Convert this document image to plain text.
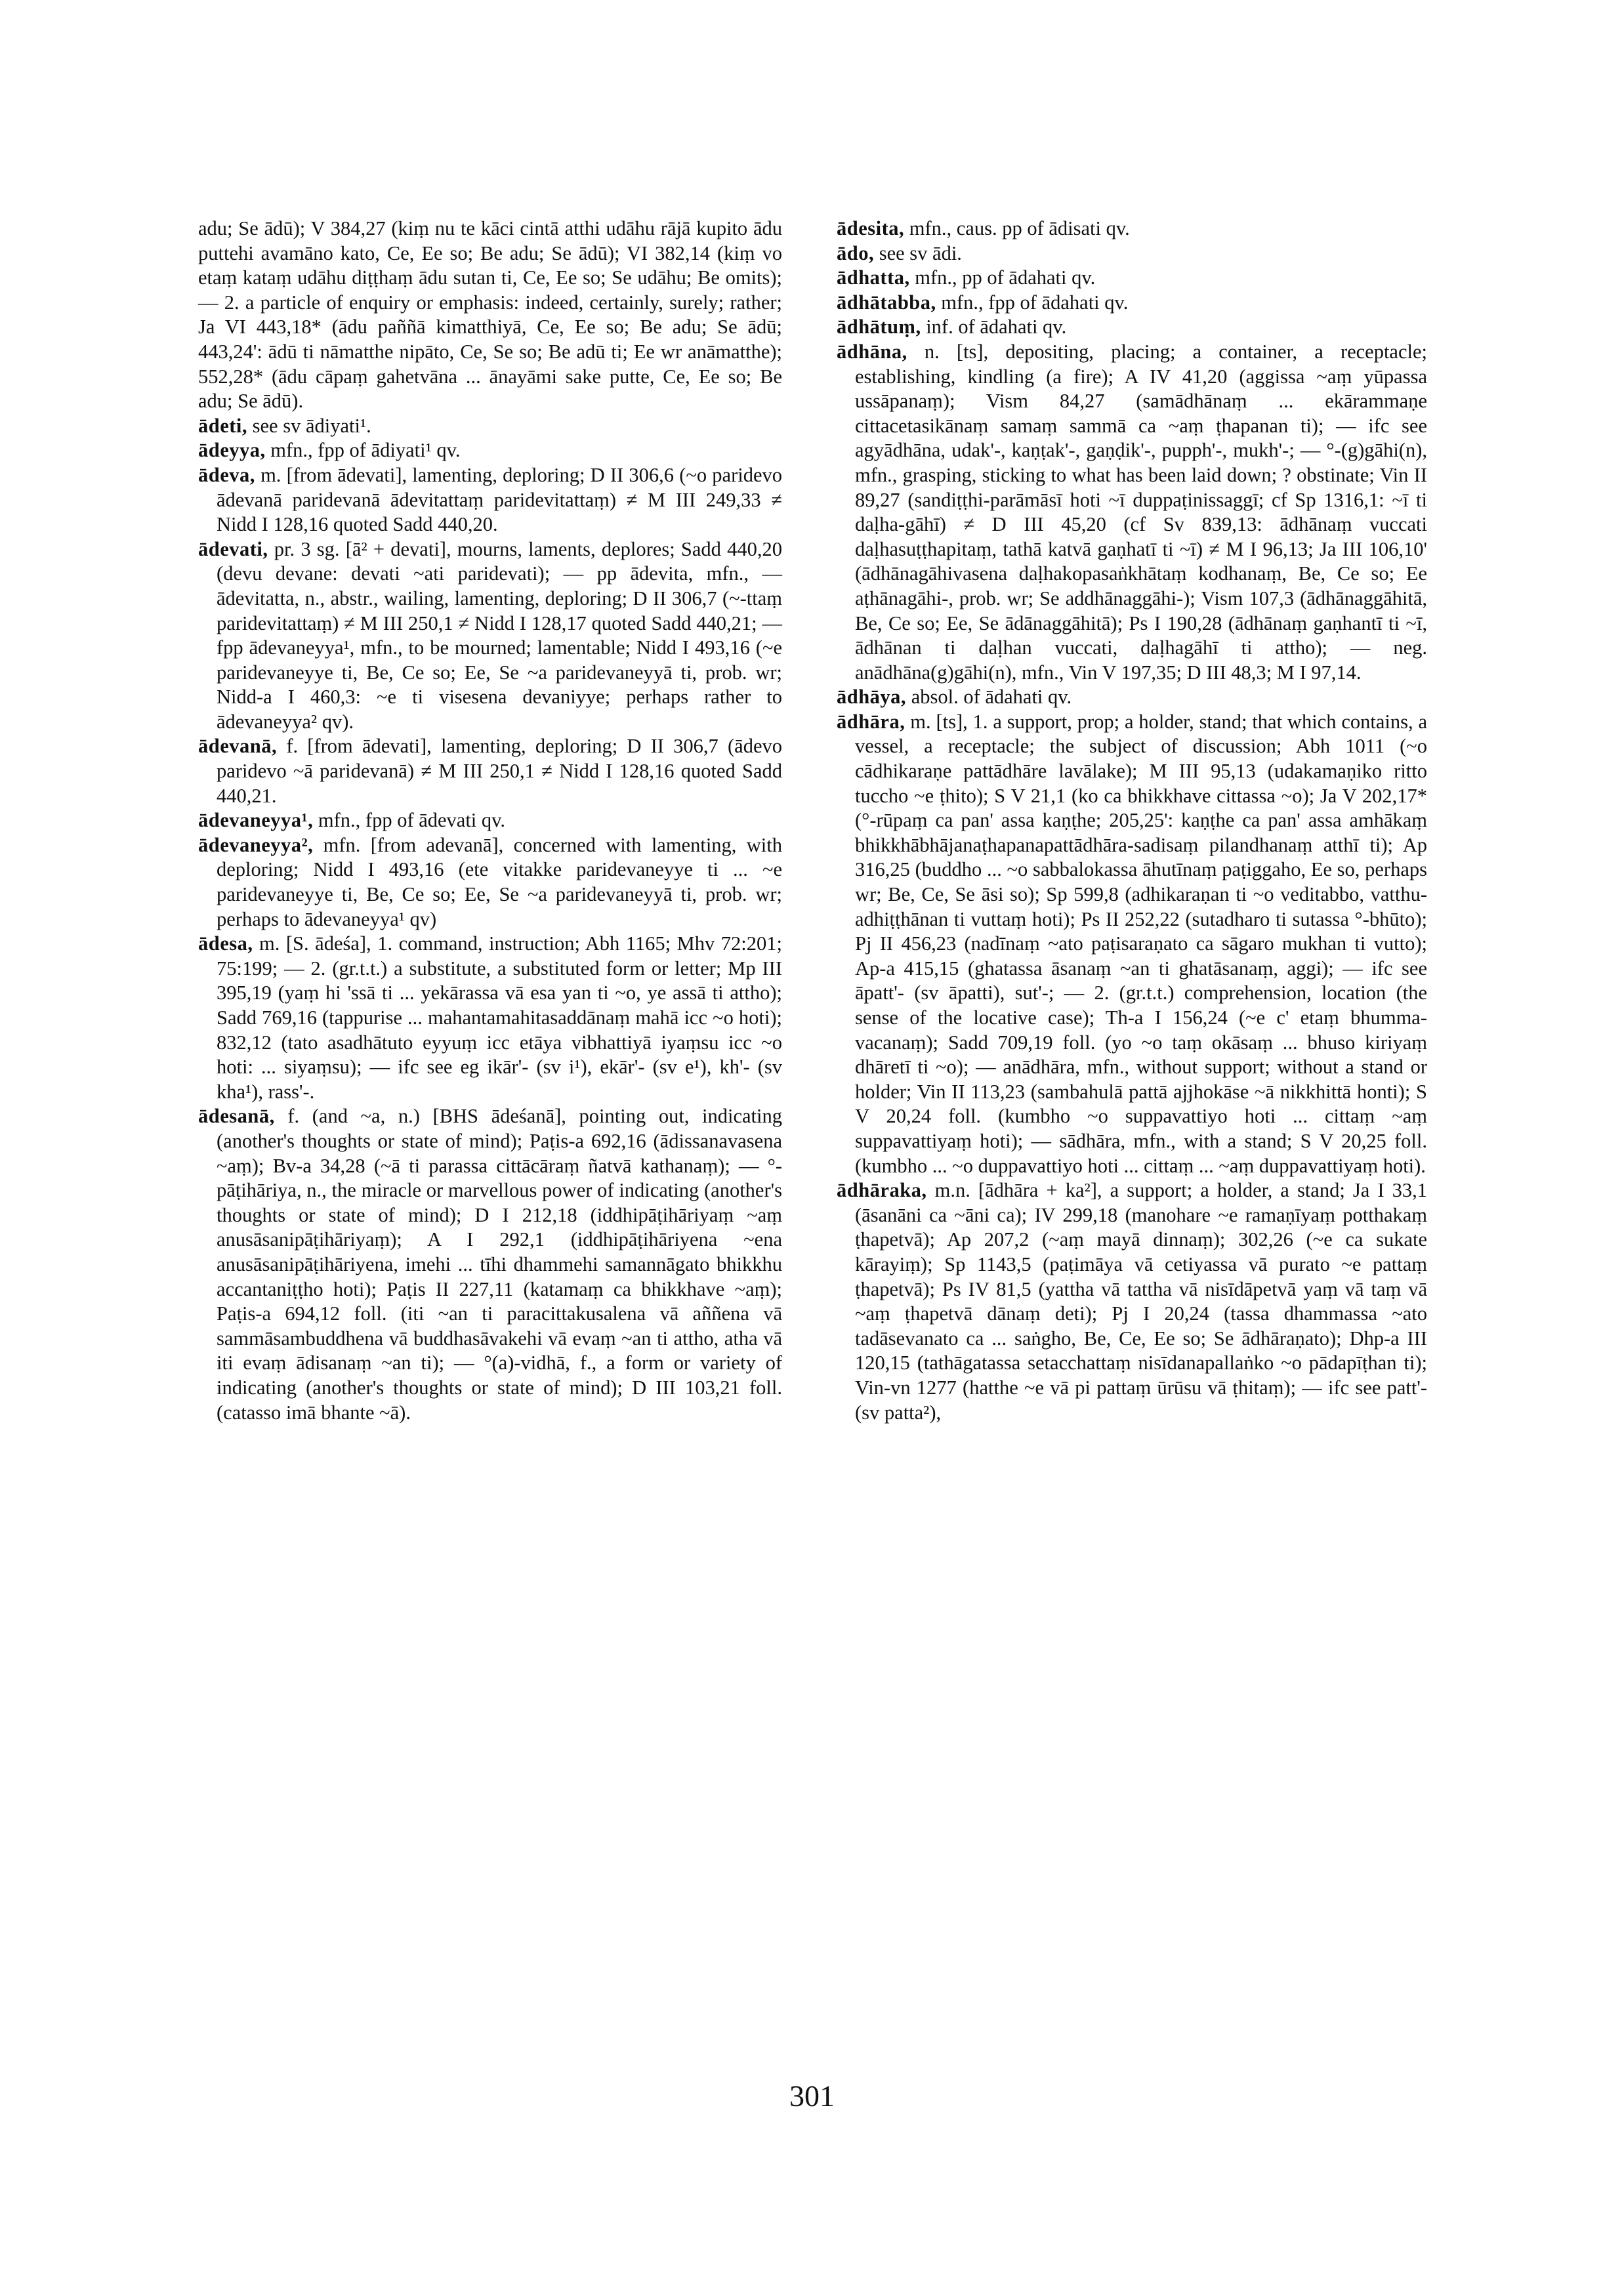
adu; Se ādū); V 384,27 (kiṃ nu te kāci cintā atthi udāhu rājā kupito ādu puttehi avamāno kato, Ce, Ee so; Be adu; Se ādū); VI 382,14 (kiṃ vo etaṃ kataṃ udāhu diṭṭhaṃ ādu sutan ti, Ce, Ee so; Se udāhu; Be omits); — 2. a particle of enquiry or emphasis: indeed, certainly, surely; rather; Ja VI 443,18* (ādu paññā kimatthiyā, Ce, Ee so; Be adu; Se ādū; 443,24': ādū ti nāmatthe nipāto, Ce, Se so; Be adū ti; Ee wr anāmatthe); 552,28* (ādu cāpaṃ gahetvāna ... ānayāmi sake putte, Ce, Ee so; Be adu; Se ādū).

ādeti, see sv ādiyati¹.

ādeyya, mfn., fpp of ādiyati¹ qv.

ādeva, m. [from ādevati], lamenting, deploring; D II 306,6 (~o paridevo ādevanā paridevanā ādevitattaṃ paridevitattaṃ) ≠ M III 249,33 ≠ Nidd I 128,16 quoted Sadd 440,20.

ādevati, pr. 3 sg. [ā² + devati], mourns, laments, deplores; Sadd 440,20 (devu devane: devati ~ati paridevati); — pp ādevita, mfn., — ādevitatta, n., abstr., wailing, lamenting, deploring; D II 306,7 (~-ttaṃ paridevitattaṃ) ≠ M III 250,1 ≠ Nidd I 128,17 quoted Sadd 440,21; — fpp ādevaneyya¹, mfn., to be mourned; lamentable; Nidd I 493,16 (~e paridevaneyye ti, Be, Ce so; Ee, Se ~a paridevaneyyā ti, prob. wr; Nidd-a I 460,3: ~e ti visesena devaniyye; perhaps rather to ādevaneyya² qv).

ādevanā, f. [from ādevati], lamenting, deploring; D II 306,7 (ādevo paridevo ~ā paridevanā) ≠ M III 250,1 ≠ Nidd I 128,16 quoted Sadd 440,21.

ādevaneyya¹, mfn., fpp of ādevati qv.

ādevaneyya², mfn. [from adevanā], concerned with lamenting, with deploring; Nidd I 493,16 (ete vitakke paridevaneyye ti ... ~e paridevaneyye ti, Be, Ce so; Ee, Se ~a paridevaneyyā ti, prob. wr; perhaps to ādevaneyya¹ qv)

ādesa, m. [S. ādeśa], 1. command, instruction; Abh 1165; Mhv 72:201; 75:199; — 2. (gr.t.t.) a substitute, a substituted form or letter; Mp III 395,19 (yaṃ hi 'ssā ti ... yekārassa vā esa yan ti ~o, ye assā ti attho); Sadd 769,16 (tappurise ... mahantamahitasaddānaṃ mahā icc ~o hoti); 832,12 (tato asadhātuto eyyuṃ icc etāya vibhattiyā iyaṃsu icc ~o hoti: ... siyaṃsu); — ifc see eg ikār'- (sv i¹), ekār'- (sv e¹), kh'- (sv kha¹), rass'-.

ādesanā, f. (and ~a, n.) [BHS ādeśanā], pointing out, indicating (another's thoughts or state of mind); Paṭis-a 692,16 (ādissanavasena ~aṃ); Bv-a 34,28 (~ā ti parassa cittācāraṃ ñatvā kathanaṃ); — °-pāṭihāriya, n., the miracle or marvellous power of indicating (another's thoughts or state of mind); D I 212,18 (iddhipāṭihāriyaṃ ~aṃ anusāsanipāṭihāriyaṃ); A I 292,1 (iddhipāṭihāriyena ~ena anusāsanipāṭihāriyena, imehi ... tīhi dhammehi samannāgato bhikkhu accantaniṭṭho hoti); Paṭis II 227,11 (katamaṃ ca bhikkhave ~aṃ); Paṭis-a 694,12 foll. (iti ~an ti paracittakusalena vā aññena vā sammāsambuddhena vā buddhasāvakehi vā evaṃ ~an ti attho, atha vā iti evaṃ ādisanaṃ ~an ti); — °(a)-vidhā, f., a form or variety of indicating (another's thoughts or state of mind); D III 103,21 foll. (catasso imā bhante ~ā).

ādesita, mfn., caus. pp of ādisati qv.

ādo, see sv ādi.

ādhatta, mfn., pp of ādahati qv.

ādhātabba, mfn., fpp of ādahati qv.

ādhātuṃ, inf. of ādahati qv.

ādhāna, n. [ts], depositing, placing; a container, a receptacle; establishing, kindling (a fire); A IV 41,20 (aggissa ~aṃ yūpassa ussāpanaṃ); Vism 84,27 (samādhānaṃ ... ekārammaṇe cittacetasikānaṃ samaṃ sammā ca ~aṃ ṭhapanan ti); — ifc see agyādhāna, udak'-, kaṇṭak'-, gaṇḍik'-, pupph'-, mukh'-; — °-(g)gāhi(n), mfn., grasping, sticking to what has been laid down; ? obstinate; Vin II 89,27 (sandiṭṭhi-parāmāsī hoti ~ī duppaṭinissaggī; cf Sp 1316,1: ~ī ti daḷha-gāhī) ≠ D III 45,20 (cf Sv 839,13: ādhānaṃ vuccati daḷhasuṭṭhapitaṃ, tathā katvā gaṇhatī ti ~ī) ≠ M I 96,13; Ja III 106,10' (ādhānagāhivasena daḷhakopasaṅkhātaṃ kodhanaṃ, Be, Ce so; Ee aṭhānagāhi-, prob. wr; Se addhānaggāhi-); Vism 107,3 (ādhānaggāhitā, Be, Ce so; Ee, Se ādānaggāhitā); Ps I 190,28 (ādhānaṃ gaṇhantī ti ~ī, ādhānan ti daḷhan vuccati, daḷhagāhī ti attho); — neg. anādhāna(g)gāhi(n), mfn., Vin V 197,35; D III 48,3; M I 97,14.

ādhāya, absol. of ādahati qv.

ādhāra, m. [ts], 1. a support, prop; a holder, stand; that which contains, a vessel, a receptacle; the subject of discussion; Abh 1011 (~o cādhikaraṇe pattādhāre lavālake); M III 95,13 (udakamaṇiko ritto tuccho ~e ṭhito); S V 21,1 (ko ca bhikkhave cittassa ~o); Ja V 202,17* (°-rūpaṃ ca pan' assa kaṇṭhe; 205,25': kaṇṭhe ca pan' assa amhākaṃ bhikkhābhājanaṭhapanapattādhāra-sadisaṃ pilandhanaṃ atthī ti); Ap 316,25 (buddho ... ~o sabbalokassa āhutīnaṃ paṭiggaho, Ee so, perhaps wr; Be, Ce, Se āsi so); Sp 599,8 (adhikaraṇan ti ~o veditabbo, vatthu-adhiṭṭhānan ti vuttaṃ hoti); Ps II 252,22 (sutadharo ti sutassa °-bhūto); Pj II 456,23 (nadīnaṃ ~ato paṭisaraṇato ca sāgaro mukhan ti vutto); Ap-a 415,15 (ghatassa āsanaṃ ~an ti ghatāsanaṃ, aggi); — ifc see āpatt'- (sv āpatti), sut'-; — 2. (gr.t.t.) comprehension, location (the sense of the locative case); Th-a I 156,24 (~e c' etaṃ bhumma-vacanaṃ); Sadd 709,19 foll. (yo ~o taṃ okāsaṃ ... bhuso kiriyaṃ dhāretī ti ~o); — anādhāra, mfn., without support; without a stand or holder; Vin II 113,23 (sambahulā pattā ajjhokāse ~ā nikkhittā honti); S V 20,24 foll. (kumbho ~o suppavattiyo hoti ... cittaṃ ~aṃ suppavattiyaṃ hoti); — sādhāra, mfn., with a stand; S V 20,25 foll. (kumbho ... ~o duppavattiyo hoti ... cittaṃ ... ~aṃ duppavattiyaṃ hoti).

ādhāraka, m.n. [ādhāra + ka²], a support; a holder, a stand; Ja I 33,1 (āsanāni ca ~āni ca); IV 299,18 (manohare ~e ramaṇīyaṃ potthakaṃ ṭhapetvā); Ap 207,2 (~aṃ mayā dinnaṃ); 302,26 (~e ca sukate kārayiṃ); Sp 1143,5 (paṭimāya vā cetiyassa vā purato ~e pattaṃ ṭhapetvā); Ps IV 81,5 (yattha vā tattha vā nisīdāpetvā yaṃ vā taṃ vā ~aṃ ṭhapetvā dānaṃ deti); Pj I 20,24 (tassa dhammassa ~ato tadāsevanato ca ... saṅgho, Be, Ce, Ee so; Se ādhāraṇato); Dhp-a III 120,15 (tathāgatassa setacchattaṃ nisīdanapallaṅko ~o pādapīṭhan ti); Vin-vn 1277 (hatthe ~e vā pi pattaṃ ūrūsu vā ṭhitaṃ); — ifc see patt'- (sv patta²),

301
